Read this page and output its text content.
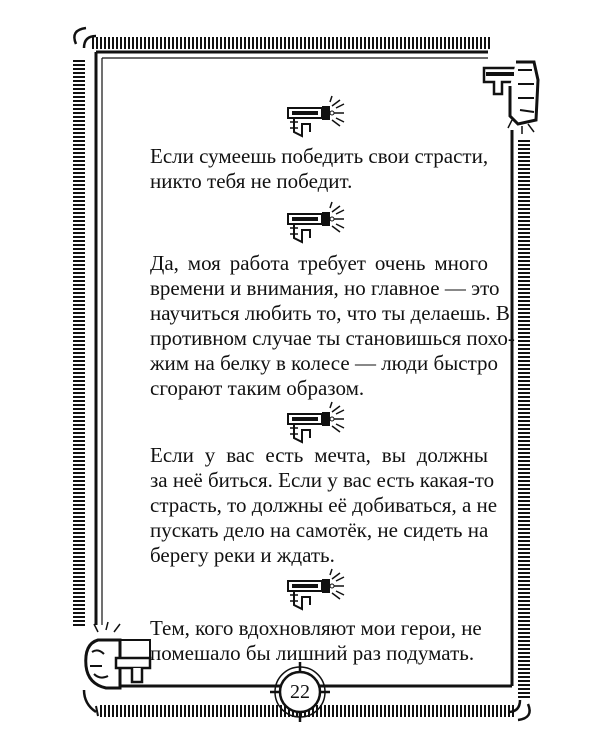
Если сумеешь победить свои страсти,
никто тебя не победит.
Да, моя работа требует очень много
времени и внимания, но главное — это
научиться любить то, что ты делаешь. В
противном случае ты становишься похо-
жим на белку в колесе — люди быстро
сгорают таким образом.
Если у вас есть мечта, вы должны
за неё биться. Если у вас есть какая-то
страсть, то должны её добиваться, а не
пускать дело на самотёк, не сидеть на
берегу реки и ждать.
Тем, кого вдохновляют мои герои, не
помешало бы лишний раз подумать.
22
